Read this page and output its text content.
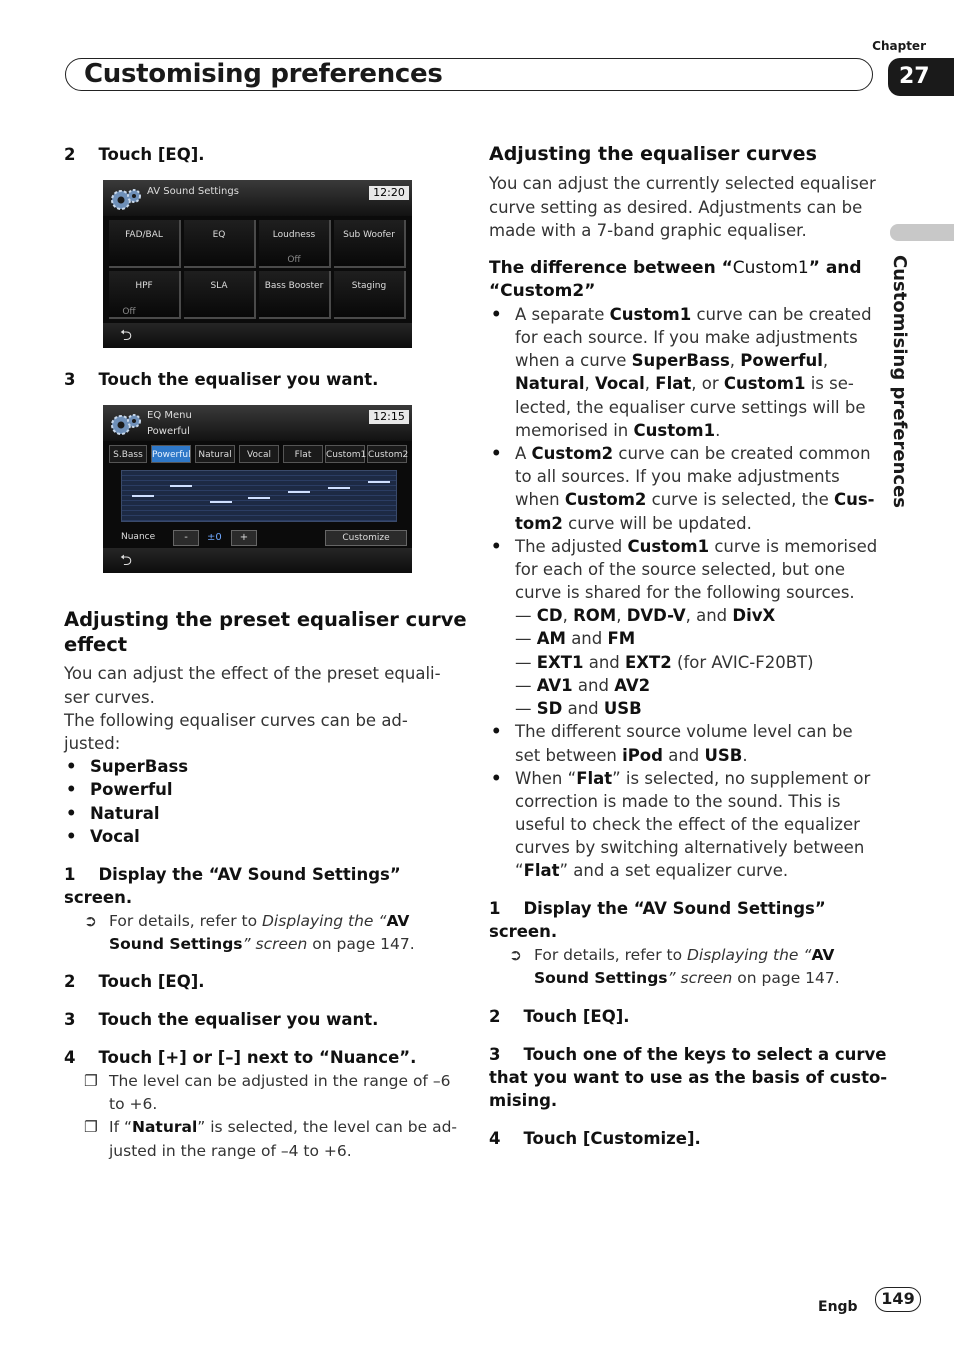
Chapter
Customising preferences	27
Customising preferences
2 Touch [EQ].
AV Sound Settings	12:20
FAD/BAL	EQ	Loudness
Off
Sub Woofer
HPF
Off
SLA	Bass Booster	Staging
⮌
3 Touch the equaliser you want.
EQ Menu
Powerful
12:15
S.Bass	Powerful Natural	Vocal	Flat	Custom1 Custom2
Nuance	-	±0	+	Customize
⮌
Adjusting the preset equaliser curve
effect
You can adjust the effect of the preset equali-
ser curves.
The following equaliser curves can be ad-
justed:
• SuperBass
• Powerful
• Natural
• Vocal
1 Display the “AV Sound Settings”
screen.
➲ For details, refer to Displaying the “AV
Sound Settings” screen on page 147.
2 Touch [EQ].
3 Touch the equaliser you want.
4 Touch [+] or [–] next to “Nuance”.
❐ The level can be adjusted in the range of –6
to +6.
❐ If “Natural” is selected, the level can be ad-
justed in the range of –4 to +6.
Adjusting the equaliser curves
You can adjust the currently selected equaliser
curve setting as desired. Adjustments can be
made with a 7-band graphic equaliser.
The difference between “Custom1” and
“Custom2”
• A separate Custom1 curve can be created
for each source. If you make adjustments
when a curve SuperBass, Powerful,
Natural, Vocal, Flat, or Custom1 is se-
lected, the equaliser curve settings will be
memorised in Custom1.
• A Custom2 curve can be created common
to all sources. If you make adjustments
when Custom2 curve is selected, the Cus-
tom2 curve will be updated.
• The adjusted Custom1 curve is memorised
for each of the source selected, but one
curve is shared for the following sources.
— CD, ROM, DVD-V, and DivX
— AM and FM
— EXT1 and EXT2 (for AVIC-F20BT)
— AV1 and AV2
— SD and USB
• The different source volume level can be
set between iPod and USB.
• When “Flat” is selected, no supplement or
correction is made to the sound. This is
useful to check the effect of the equalizer
curves by switching alternatively between
“Flat” and a set equalizer curve.
1 Display the “AV Sound Settings”
screen.
➲ For details, refer to Displaying the “AV
Sound Settings” screen on page 147.
2 Touch [EQ].
3 Touch one of the keys to select a curve
that you want to use as the basis of custo-
mising.
4 Touch [Customize].
Engb	149
